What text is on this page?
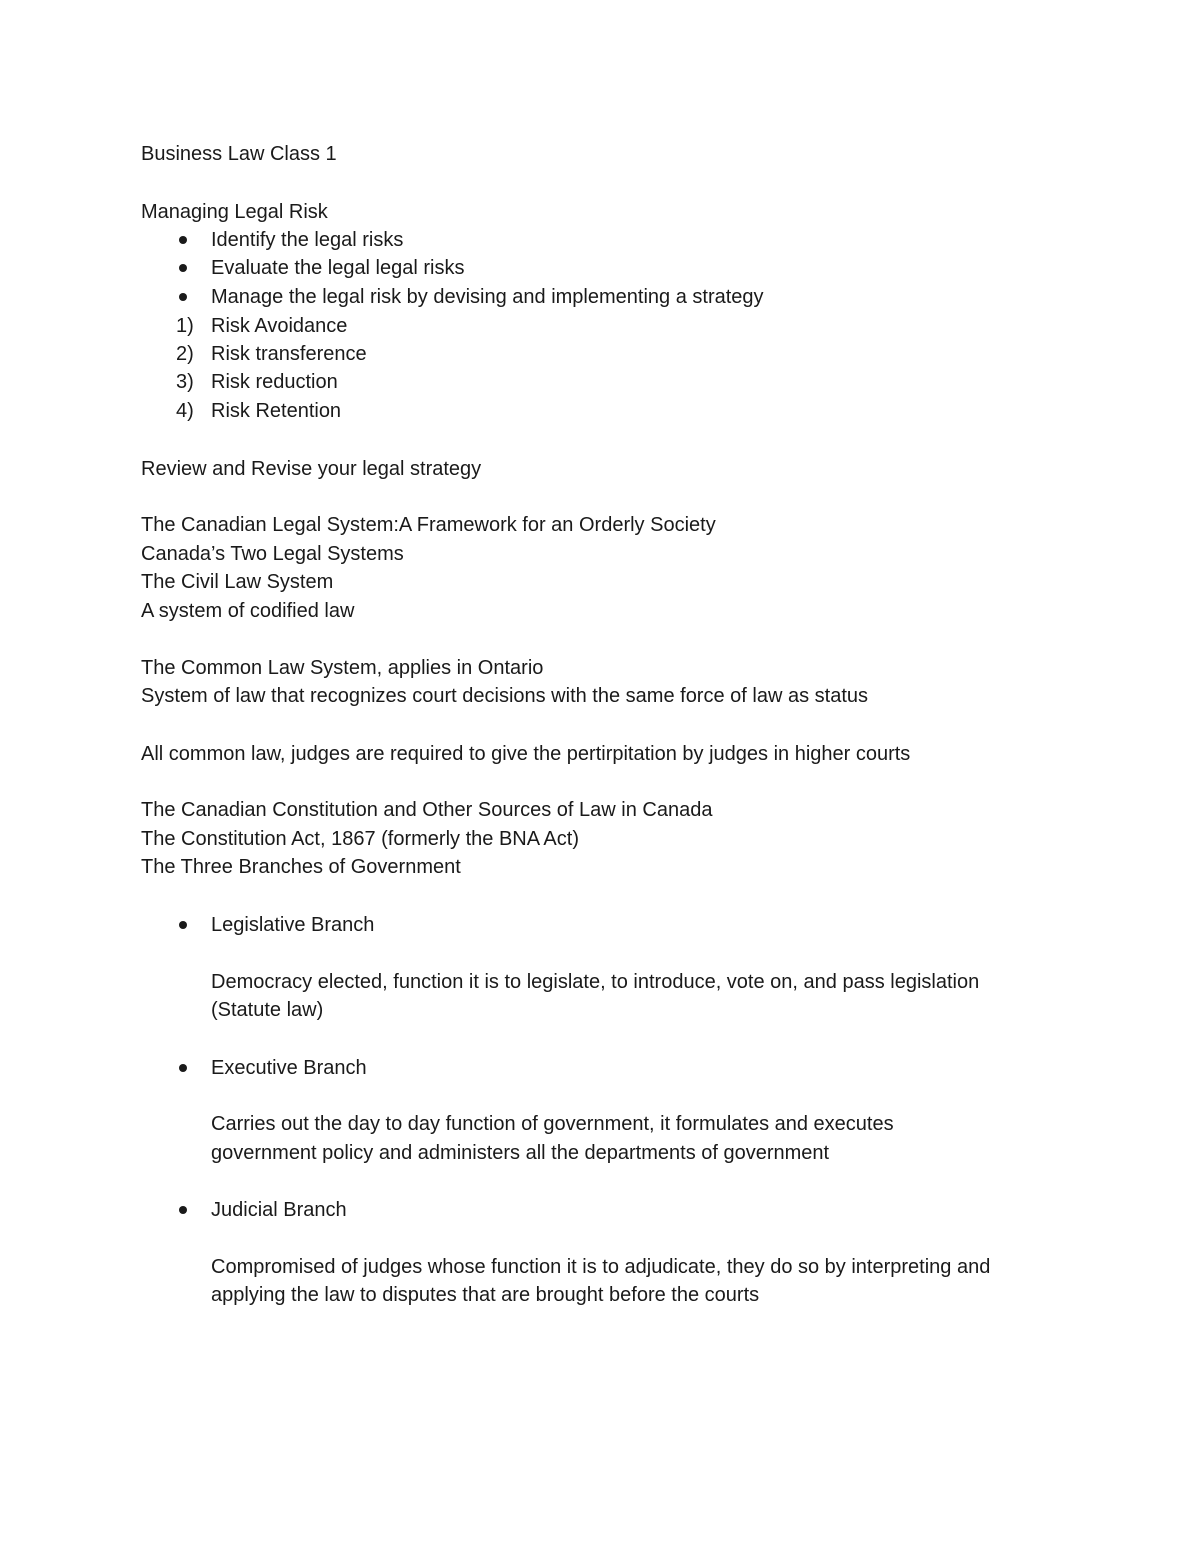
Business Law Class 1
Managing Legal Risk
Identify the legal risks
Evaluate the legal legal risks
Manage the legal risk by devising and implementing a strategy
1) Risk Avoidance
2) Risk transference
3) Risk reduction
4) Risk Retention
Review and Revise your legal strategy
The Canadian Legal System:A Framework for an Orderly Society
Canada’s Two Legal Systems
The Civil Law System
A system of codified law
The Common Law System, applies in Ontario
System of law that recognizes court decisions with the same force of law as status
All common law, judges are required to give the pertirpitation by judges in higher courts
The Canadian Constitution and Other Sources of Law in Canada
The Constitution Act, 1867 (formerly the BNA Act)
The Three Branches of Government
Legislative Branch
Democracy elected, function it is to legislate, to introduce, vote on, and pass legislation
(Statute law)
Executive Branch
Carries out the day to day function of government, it formulates and executes
government policy and administers all the departments of government
Judicial Branch
Compromised of judges whose function it is to adjudicate, they do so by interpreting and
applying the law to disputes that are brought before the courts
